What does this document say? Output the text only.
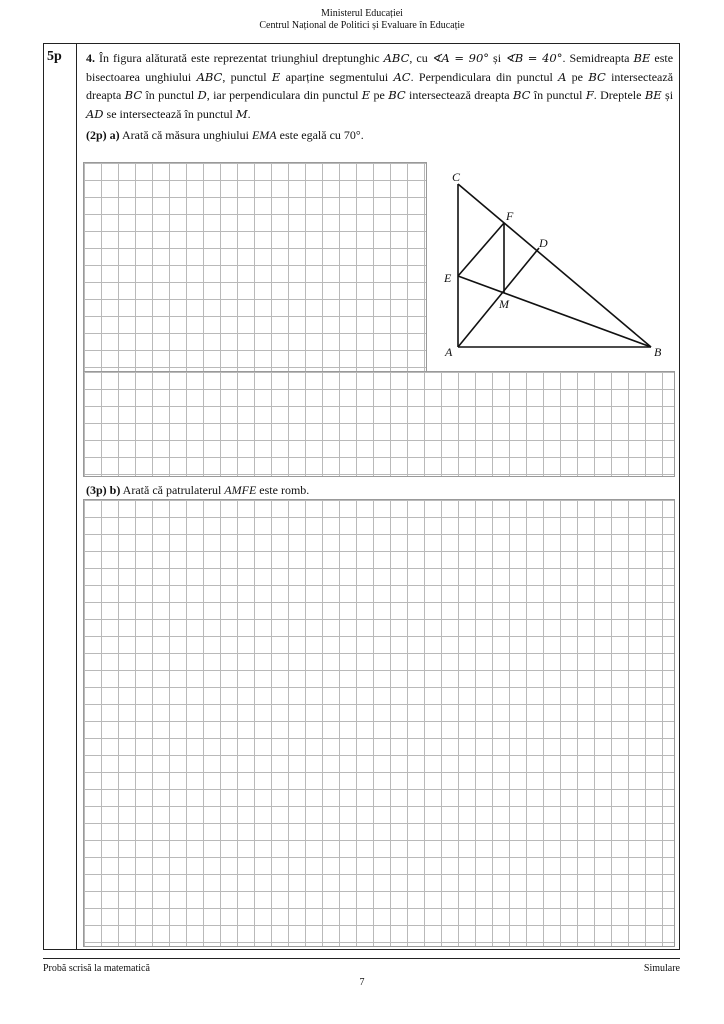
Ministerul Educației
Centrul Național de Politici și Evaluare în Educație
5p 4. În figura alăturată este reprezentat triunghiul dreptunghic ABC, cu ∢A = 90° și ∢B = 40°. Semidreapta BE este bisectoarea unghiului ABC, punctul E aparține segmentului AC. Perpendiculara din punctul A pe BC intersectează dreapta BC în punctul D, iar perpendiculara din punctul E pe BC intersectează dreapta BC în punctul F. Dreptele BE și AD se intersectează în punctul M.
(2p) a) Arată că măsura unghiului EMA este egală cu 70°.
C
F
D
E
M
A	B
(3p) b) Arată că patrulaterul AMFE este romb.
Probă scrisă la matematică	Simulare
7
